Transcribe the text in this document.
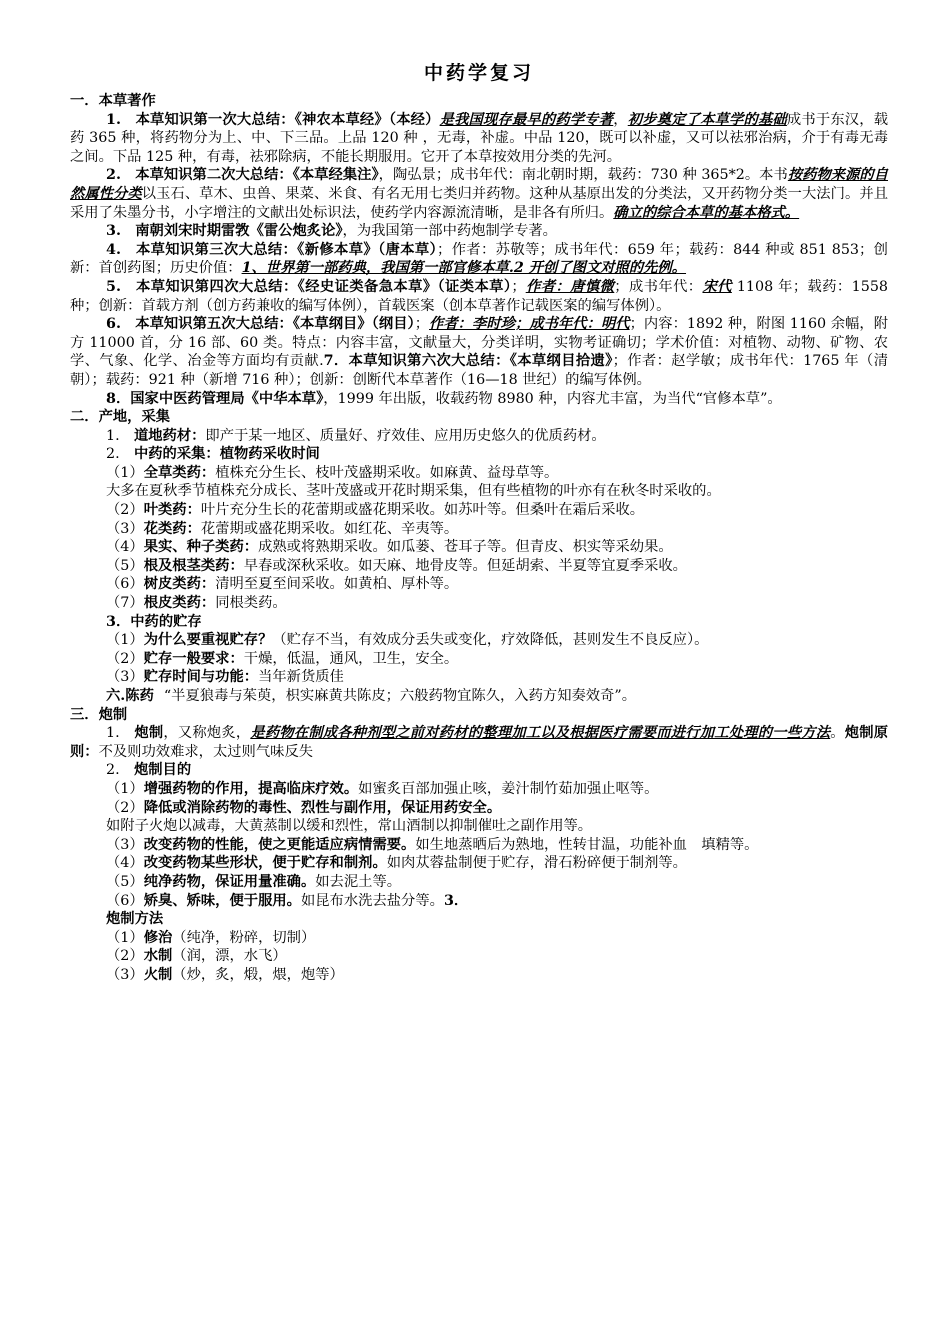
中药学复习
一．本草著作
1.　本草知识第一次大总结：《神农本草经》（本经）是我国现存最早的药学专著，初步奠定了本草学的基础成书于东汉，载药 365 种，将药物分为上、中、下三品。上品 120 种 ，无毒，补虚。中品 120，既可以补虚，又可以祛邪治病，介于有毒无毒之间。下品 125 种，有毒，祛邪除病，不能长期服用。它开了本草按效用分类的先河。
2.　本草知识第二次大总结：《本草经集注》，陶弘景；成书年代：南北朝时期，载药：730 种 365*2。本书按药物来源的自然属性分类以玉石、草木、虫兽、果菜、米食、有名无用七类归并药物。这种从基原出发的分类法，又开药物分类一大法门。并且采用了朱墨分书，小字增注的文献出处标识法，使药学内容源流清晰，是非各有所归。确立的综合本草的基本格式。
3.　南朝刘宋时期雷敩《雷公炮炙论》，为我国第一部中药炮制学专著。
4.　本草知识第三次大总结：《新修本草》（唐本草）；作者：苏敬等；成书年代：659 年；载药：844 种或 851 853；创新：首创药图；历史价值：1、世界第一部药典，我国第一部官修本草.2 开创了图文对照的先例。
5.　本草知识第四次大总结：《经史证类备急本草》（证类本草）；作者：唐慎微；成书年代：宋代 1108 年；载药：1558 种；创新：首载方剂（创方药兼收的编写体例），首载医案（创本草著作记载医案的编写体例）。
6.　本草知识第五次大总结：《本草纲目》（纲目）；作者：李时珍；成书年代：明代；内容：1892 种，附图 1160 余幅，附方 11000 首，分 16 部、60 类。特点：内容丰富，文献量大，分类详明，实物考证确切；学术价值：对植物、动物、矿物、农学、气象、化学、冶金等方面均有贡献.7．本草知识第六次大总结：《本草纲目拾遗》；作者：赵学敏；成书年代：1765 年（清朝）；载药：921 种（新增 716 种）；创新：创断代本草著作（16—18 世纪）的编写体例。
8．国家中医药管理局《中华本草》，1999 年出版，收载药物 8980 种，内容尤丰富，为当代“官修本草”。
二．产地，采集
1.　道地药材：即产于某一地区、质量好、疗效佳、应用历史悠久的优质药材。
2.　中药的采集：植物药采收时间
（1）全草类药：植株充分生长、枝叶茂盛期采收。如麻黄、益母草等。
大多在夏秋季节植株充分成长、茎叶茂盛或开花时期采集，但有些植物的叶亦有在秋冬时采收的。
（2）叶类药：叶片充分生长的花蕾期或盛花期采收。如苏叶等。但桑叶在霜后采收。
（3）花类药：花蕾期或盛花期采收。如红花、辛夷等。
（4）果实、种子类药：成熟或将熟期采收。如瓜蒌、苍耳子等。但青皮、枳实等采幼果。
（5）根及根茎类药：早春或深秋采收。如天麻、地骨皮等。但延胡索、半夏等宜夏季采收。
（6）树皮类药：清明至夏至间采收。如黄柏、厚朴等。
（7）根皮类药：同根类药。
3．中药的贮存
（1）为什么要重视贮存？（贮存不当，有效成分丢失或变化，疗效降低，甚则发生不良反应）。
（2）贮存一般要求：干燥，低温，通风，卫生，安全。
（3）贮存时间与功能：当年新货质佳
六.陈药 “半夏狼毒与茱萸，枳实麻黄共陈皮；六般药物宜陈久，入药方知奏效奇”。
三．炮制
1.　炮制，又称炮炙，是药物在制成各种剂型之前对药材的整理加工以及根据医疗需要而进行加工处理的一些方法。炮制原则：不及则功效难求，太过则气味反失
2.　炮制目的
（1）增强药物的作用，提高临床疗效。如蜜炙百部加强止咳，姜汁制竹茹加强止呕等。
（2）降低或消除药物的毒性、烈性与副作用，保证用药安全。
如附子火炮以减毒，大黄蒸制以缓和烈性，常山酒制以抑制催吐之副作用等。
（3）改变药物的性能，使之更能适应病情需要。如生地蒸晒后为熟地，性转甘温，功能补血　填精等。
（4）改变药物某些形状，便于贮存和制剂。如肉苁蓉盐制便于贮存，滑石粉碎便于制剂等。
（5）纯净药物，保证用量准确。如去泥土等。
（6）矫臭、矫味，便于服用。如昆布水洗去盐分等。3．
炮制方法
（1）修治（纯净，粉碎，切制）
（2）水制（润，漂，水飞）
（3）火制（炒，炙，煅，煨，炮等）
